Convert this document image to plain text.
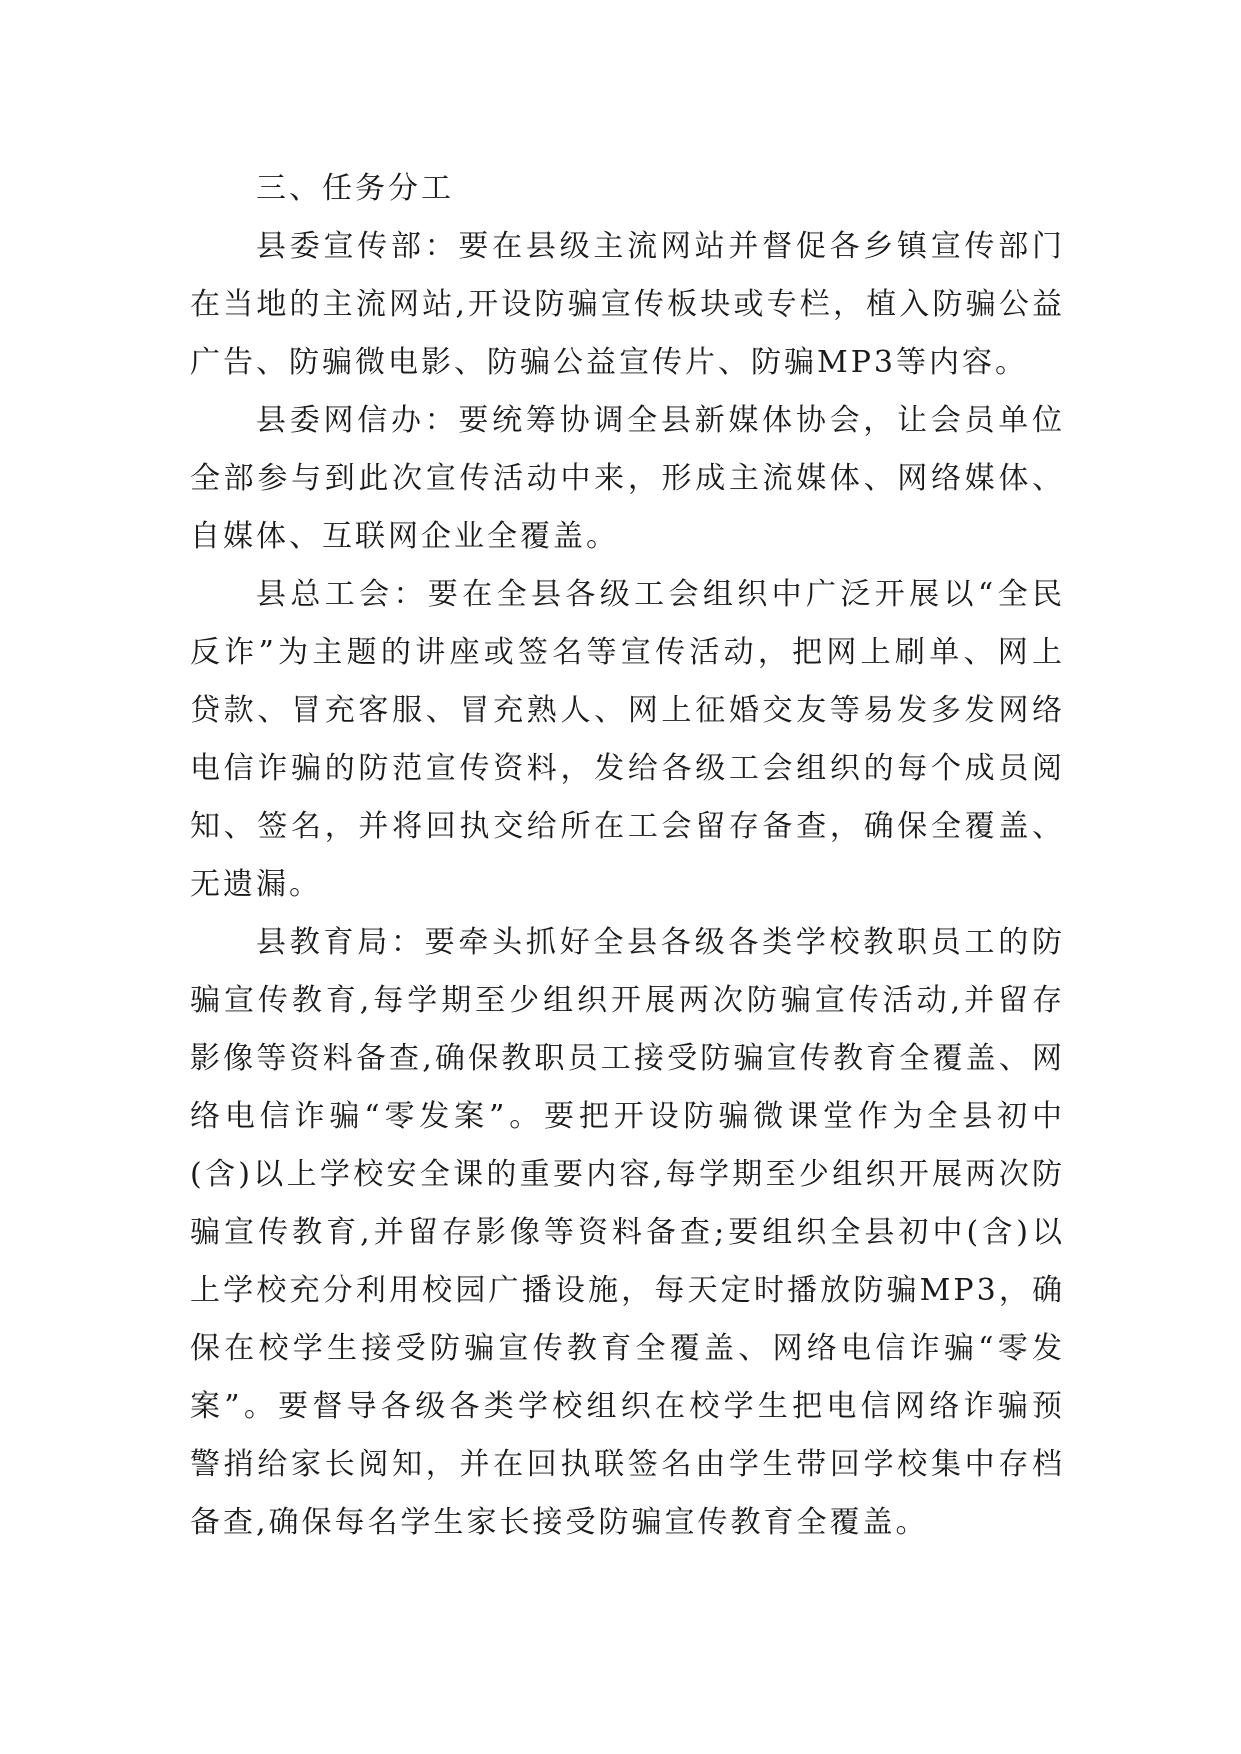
三、任务分工

县委宣传部：要在县级主流网站并督促各乡镇宣传部门在当地的主流网站,开设防骗宣传板块或专栏，植入防骗公益广告、防骗微电影、防骗公益宣传片、防骗MP3等内容。

县委网信办：要统筹协调全县新媒体协会，让会员单位全部参与到此次宣传活动中来，形成主流媒体、网络媒体、自媒体、互联网企业全覆盖。

县总工会：要在全县各级工会组织中广泛开展以“全民反诈”为主题的讲座或签名等宣传活动，把网上刷单、网上贷款、冒充客服、冒充熟人、网上征婚交友等易发多发网络电信诈骗的防范宣传资料，发给各级工会组织的每个成员阅知、签名，并将回执交给所在工会留存备查，确保全覆盖、无遗漏。

县教育局：要牵头抓好全县各级各类学校教职员工的防骗宣传教育,每学期至少组织开展两次防骗宣传活动,并留存影像等资料备查,确保教职员工接受防骗宣传教育全覆盖、网络电信诈骗“零发案”。要把开设防骗微课堂作为全县初中(含)以上学校安全课的重要内容,每学期至少组织开展两次防骗宣传教育,并留存影像等资料备查;要组织全县初中(含)以上学校充分利用校园广播设施，每天定时播放防骗MP3，确保在校学生接受防骗宣传教育全覆盖、网络电信诈骗“零发案”。要督导各级各类学校组织在校学生把电信网络诈骗预警捎给家长阅知，并在回执联签名由学生带回学校集中存档备查,确保每名学生家长接受防骗宣传教育全覆盖。
